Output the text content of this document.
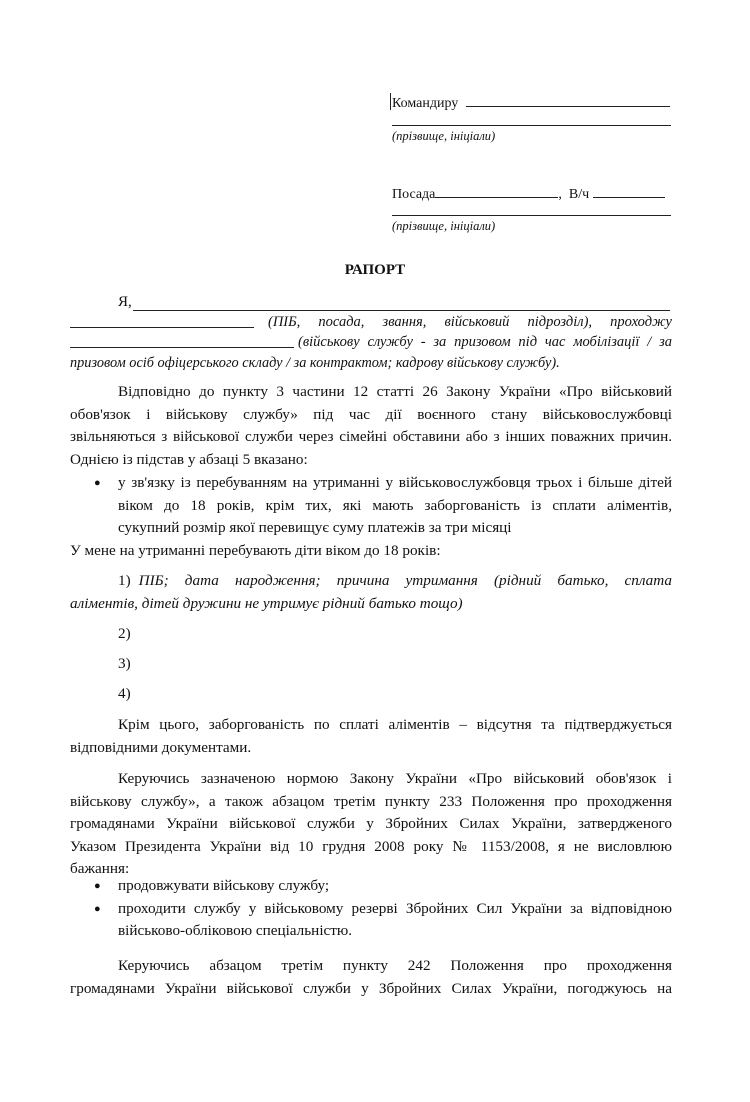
Командиру
(прізвище, ініціали)
Посада	,  В/ч
(прізвище, ініціали)
РАПОРТ
Я,
(ПІБ, посада, звання, військовий підрозділ), проходжу
(військову службу - за призовом під час мобілізації / за
призовом осіб офіцерського складу / за контрактом; кадрову військову службу).
Відповідно до пункту 3 частини 12 статті 26 Закону України «Про військовий
обов'язок і військову службу» під час дії воєнного стану військовослужбовці
звільняються з військової служби через сімейні обставини або з інших поважних причин.
Однією із підстав у абзаці 5 вказано:
● у зв'язку із перебуванням на утриманні у військовослужбовця трьох і більше дітей
віком до 18 років, крім тих, які мають заборгованість із сплати аліментів,
сукупний розмір якої перевищує суму платежів за три місяці
У мене на утриманні перебувають діти віком до 18 років:
1) ПІБ; дата народження; причина утримання (рідний батько, сплата
аліментів, дітей дружини не утримує рідний батько тощо)
2)
3)
4)
Крім цього, заборгованість по сплаті аліментів – відсутня та підтверджується
відповідними документами.
Керуючись зазначеною нормою Закону України «Про військовий обов'язок і
військову службу», а також абзацом третім пункту 233 Положення про проходження
громадянами України військової служби у Збройних Силах України, затвердженого
Указом Президента України від 10 грудня 2008 року № 1153/2008, я не висловлюю
бажання:
● продовжувати військову службу;
● проходити службу у військовому резерві Збройних Сил України за відповідною
військово-обліковою спеціальністю.
Керуючись абзацом третім пункту 242 Положення про проходження
громадянами України військової служби у Збройних Силах України, погоджуюсь на
